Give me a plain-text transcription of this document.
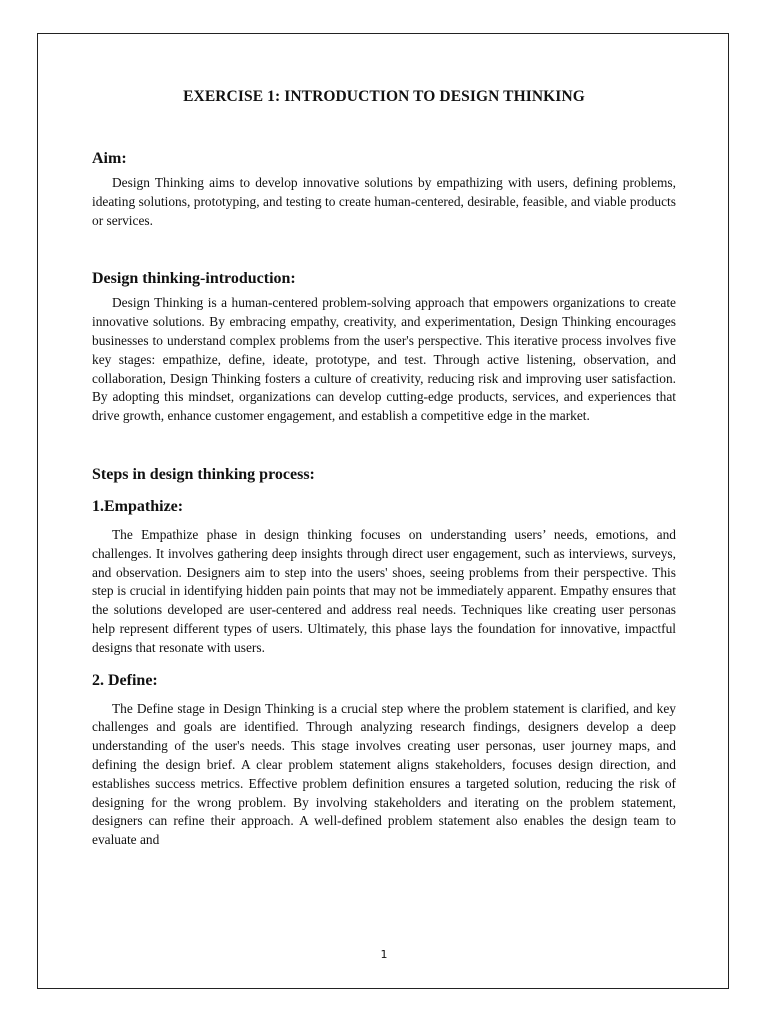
EXERCISE 1: INTRODUCTION TO DESIGN THINKING
Aim:

Design Thinking aims to develop innovative solutions by empathizing with users, defining problems, ideating solutions, prototyping, and testing to create human-centered, desirable, feasible, and viable products or services.

Design thinking-introduction:

Design Thinking is a human-centered problem-solving approach that empowers organizations to create innovative solutions. By embracing empathy, creativity, and experimentation, Design Thinking encourages businesses to understand complex problems from the user's perspective. This iterative process involves five key stages: empathize, define, ideate, prototype, and test. Through active listening, observation, and collaboration, Design Thinking fosters a culture of creativity, reducing risk and improving user satisfaction. By adopting this mindset, organizations can develop cutting-edge products, services, and experiences that drive growth, enhance customer engagement, and establish a competitive edge in the market.

Steps in design thinking process:
1.Empathize:

The Empathize phase in design thinking focuses on understanding users’ needs, emotions, and challenges. It involves gathering deep insights through direct user engagement, such as interviews, surveys, and observation. Designers aim to step into the users' shoes, seeing problems from their perspective. This step is crucial in identifying hidden pain points that may not be immediately apparent. Empathy ensures that the solutions developed are user-centered and address real needs. Techniques like creating user personas help represent different types of users. Ultimately, this phase lays the foundation for innovative, impactful designs that resonate with users.

2. Define:

The Define stage in Design Thinking is a crucial step where the problem statement is clarified, and key challenges and goals are identified. Through analyzing research findings, designers develop a deep understanding of the user's needs. This stage involves creating user personas, user journey maps, and defining the design brief. A clear problem statement aligns stakeholders, focuses design direction, and establishes success metrics. Effective problem definition ensures a targeted solution, reducing the risk of designing for the wrong problem. By involving stakeholders and iterating on the problem statement, designers can refine their approach. A well-defined problem statement also enables the design team to evaluate and

1
